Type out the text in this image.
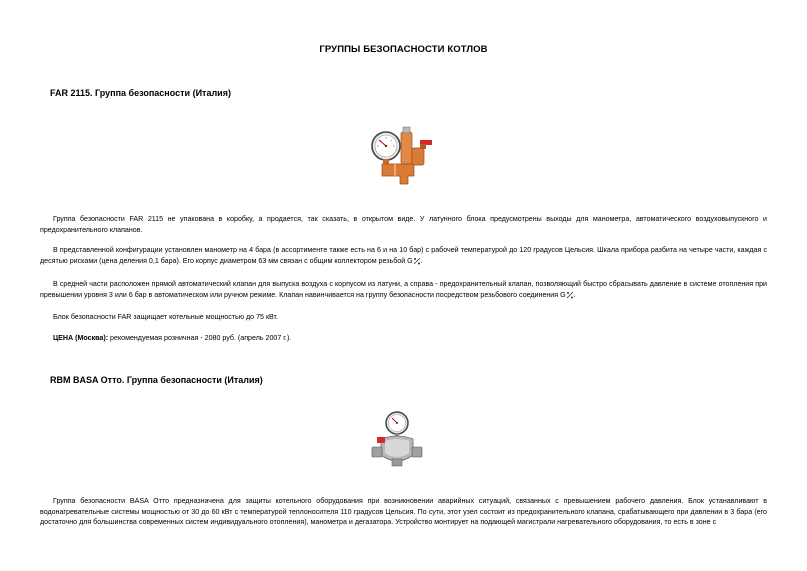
ГРУППЫ БЕЗОПАСНОСТИ КОТЛОВ
FAR 2115. Группа безопасности (Италия)

Группа безопасности FAR 2115 не упакована в коробку, а продается, так сказать, в открытом виде. У латунного блока предусмотрены выходы для манометра, автоматического воздуховыпускного и предохранительного клапанов.

В представленной конфигурации установлен манометр на 4 бара (в ассортименте также есть на 6 и на 10 бар) с рабочей температурой до 120 градусов Цельсия. Шкала прибора разбита на четыре части, каждая с десятью рисками (цена деления 0,1 бара). Его корпус диаметром 63 мм связан с общим коллектором резьбой G .

В средней части расположен прямой автоматический клапан для выпуска воздуха с корпусом из латуни, а справа - предохранительный клапан, позволяющий быстро сбрасывать давление в системе отопления при превышении уровня 3 или 6 бар в автоматическом или ручном режиме. Клапан навинчивается на группу безопасности посредством резьбового соединения G .

Блок безопасности FAR защищает котельные мощностью до 75 кВт.

ЦЕНА (Москва): рекомендуемая розничная - 2080 руб. (апрель 2007 г.).

RBM BASA Отто. Группа безопасности (Италия)

Группа безопасности BASA Отто предназначена для защиты котельного оборудования при возникновении аварийных ситуаций, связанных с превышением рабочего давления. Блок устанавливают в водонагревательные системы мощностью от 30 до 60 кВт с температурой теплоносителя 110 градусов Цельсия. По сути, этот узел состоит из предохранительного клапана, срабатывающего при давлении в 3 бара (его достаточно для большинства современных систем индивидуального отопления), манометра и дегазатора. Устройство монтирует на подающей магистрали нагревательного оборудования, то есть в зоне с
